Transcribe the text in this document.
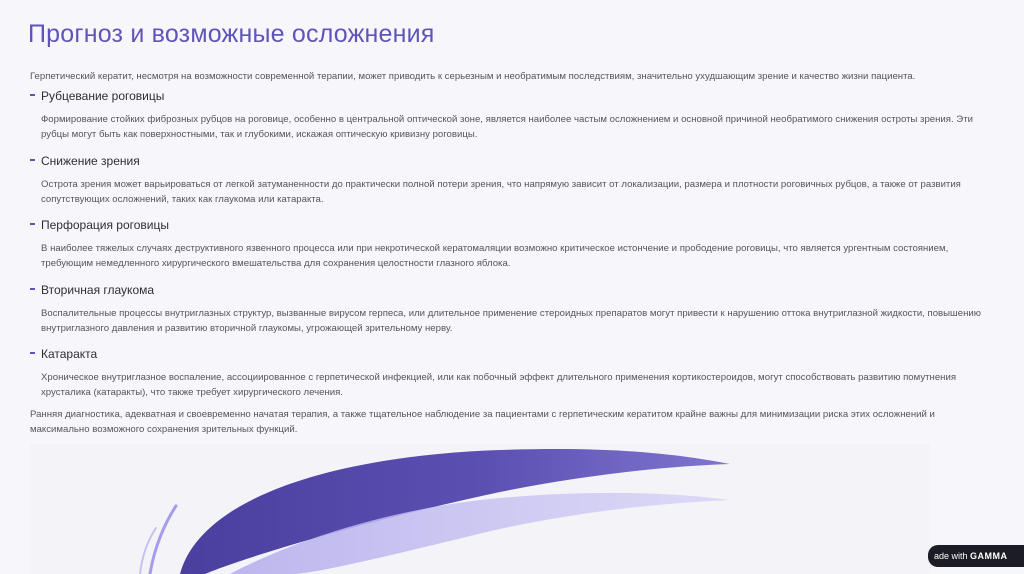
Прогноз и возможные осложнения
Герпетический кератит, несмотря на возможности современной терапии, может приводить к серьезным и необратимым последствиям, значительно ухудшающим зрение и качество жизни пациента.
Рубцевание роговицы
Формирование стойких фиброзных рубцов на роговице, особенно в центральной оптической зоне, является наиболее частым осложнением и основной причиной необратимого снижения остроты зрения. Эти рубцы могут быть как поверхностными, так и глубокими, искажая оптическую кривизну роговицы.
Снижение зрения
Острота зрения может варьироваться от легкой затуманенности до практически полной потери зрения, что напрямую зависит от локализации, размера и плотности роговичных рубцов, а также от развития сопутствующих осложнений, таких как глаукома или катаракта.
Перфорация роговицы
В наиболее тяжелых случаях деструктивного язвенного процесса или при некротической кератомаляции возможно критическое истончение и прободение роговицы, что является ургентным состоянием, требующим немедленного хирургического вмешательства для сохранения целостности глазного яблока.
Вторичная глаукома
Воспалительные процессы внутриглазных структур, вызванные вирусом герпеса, или длительное применение стероидных препаратов могут привести к нарушению оттока внутриглазной жидкости, повышению внутриглазного давления и развитию вторичной глаукомы, угрожающей зрительному нерву.
Катаракта
Хроническое внутриглазное воспаление, ассоциированное с герпетической инфекцией, или как побочный эффект длительного применения кортикостероидов, могут способствовать развитию помутнения хрусталика (катаракты), что также требует хирургического лечения.
Ранняя диагностика, адекватная и своевременно начатая терапия, а также тщательное наблюдение за пациентами с герпетическим кератитом крайне важны для минимизации риска этих осложнений и максимально возможного сохранения зрительных функций.
ade with GAMMA
